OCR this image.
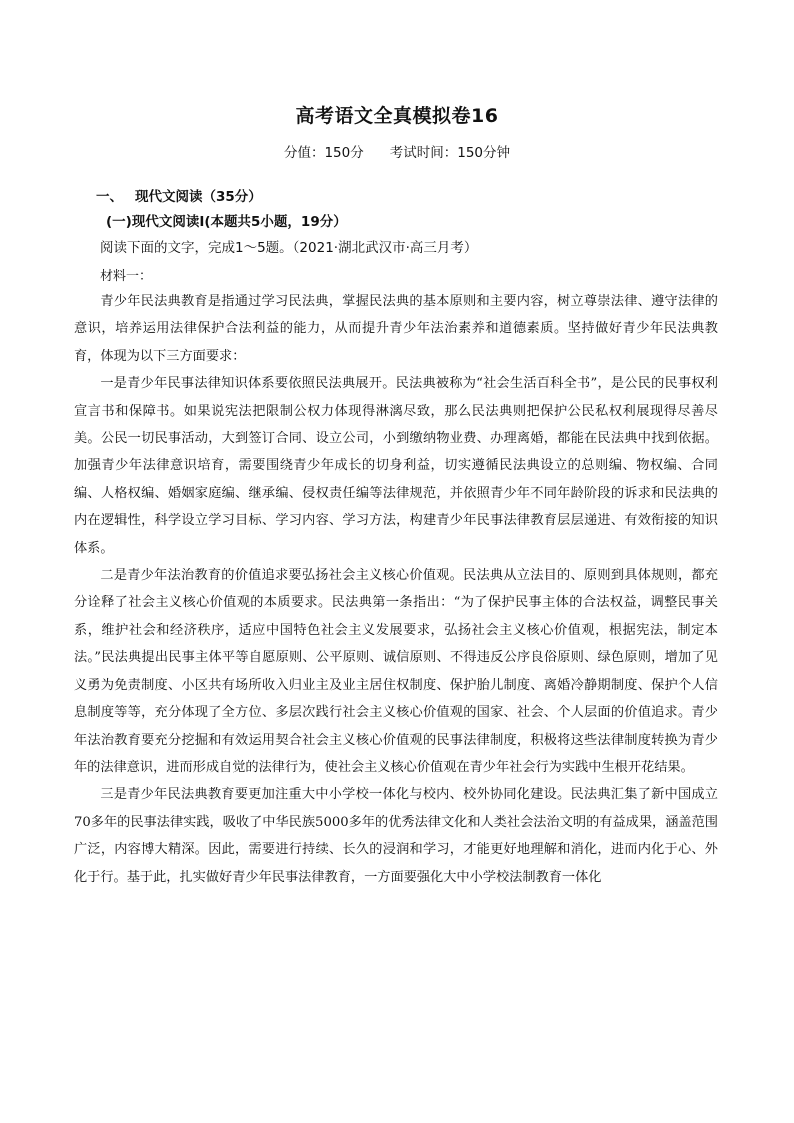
高考语文全真模拟卷16
分值：150分 考试时间：150分钟
一、 现代文阅读（35分）
(一)现代文阅读Ⅰ(本题共5小题，19分）
阅读下面的文字，完成1～5题。（2021·湖北武汉市·高三月考）
材料一：

青少年民法典教育是指通过学习民法典，掌握民法典的基本原则和主要内容，树立尊崇法律、遵守法律的意识，培养运用法律保护合法利益的能力，从而提升青少年法治素养和道德素质。坚持做好青少年民法典教育，体现为以下三方面要求：

一是青少年民事法律知识体系要依照民法典展开。民法典被称为“社会生活百科全书”，是公民的民事权利宣言书和保障书。如果说宪法把限制公权力体现得淋漓尽致，那么民法典则把保护公民私权利展现得尽善尽美。公民一切民事活动，大到签订合同、设立公司，小到缴纳物业费、办理离婚，都能在民法典中找到依据。加强青少年法律意识培育，需要围绕青少年成长的切身利益，切实遵循民法典设立的总则编、物权编、合同编、人格权编、婚姻家庭编、继承编、侵权责任编等法律规范，并依照青少年不同年龄阶段的诉求和民法典的内在逻辑性，科学设立学习目标、学习内容、学习方法，构建青少年民事法律教育层层递进、有效衔接的知识体系。

二是青少年法治教育的价值追求要弘扬社会主义核心价值观。民法典从立法目的、原则到具体规则，都充分诠释了社会主义核心价值观的本质要求。民法典第一条指出：“为了保护民事主体的合法权益，调整民事关系，维护社会和经济秩序，适应中国特色社会主义发展要求，弘扬社会主义核心价值观，根据宪法，制定本法。”民法典提出民事主体平等自愿原则、公平原则、诚信原则、不得违反公序良俗原则、绿色原则，增加了见义勇为免责制度、小区共有场所收入归业主及业主居住权制度、保护胎儿制度、离婚冷静期制度、保护个人信息制度等等，充分体现了全方位、多层次践行社会主义核心价值观的国家、社会、个人层面的价值追求。青少年法治教育要充分挖掘和有效运用契合社会主义核心价值观的民事法律制度，积极将这些法律制度转换为青少年的法律意识，进而形成自觉的法律行为，使社会主义核心价值观在青少年社会行为实践中生根开花结果。

三是青少年民法典教育要更加注重大中小学校一体化与校内、校外协同化建设。民法典汇集了新中国成立70多年的民事法律实践，吸收了中华民族5000多年的优秀法律文化和人类社会法治文明的有益成果，涵盖范围广泛，内容博大精深。因此，需要进行持续、长久的浸润和学习，才能更好地理解和消化，进而内化于心、外化于行。基于此，扎实做好青少年民事法律教育，一方面要强化大中小学校法制教育一体化
